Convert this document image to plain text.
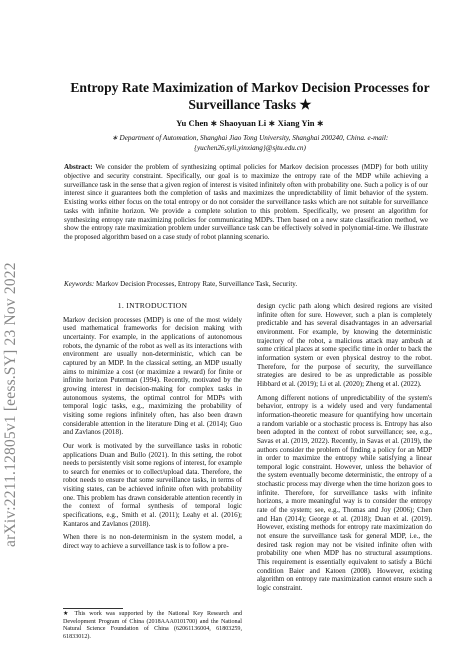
arXiv:2211.12805v1 [eess.SY] 23 Nov 2022
Entropy Rate Maximization of Markov Decision Processes for Surveillance Tasks ★
Yu Chen ∗ Shaoyuan Li ∗ Xiang Yin ∗
∗ Department of Automation, Shanghai Jiao Tong University, Shanghai 200240, China. e-mail: {yuchen26,syli,yinxiang}@sjtu.edu.cn)
Abstract: We consider the problem of synthesizing optimal policies for Markov decision processes (MDP) for both utility objective and security constraint. Specifically, our goal is to maximize the entropy rate of the MDP while achieving a surveillance task in the sense that a given region of interest is visited infinitely often with probability one. Such a policy is of our interest since it guarantees both the completion of tasks and maximizes the unpredictability of limit behavior of the system. Existing works either focus on the total entropy or do not consider the surveillance tasks which are not suitable for surveillance tasks with infinite horizon. We provide a complete solution to this problem. Specifically, we present an algorithm for synthesizing entropy rate maximizing policies for communicating MDPs. Then based on a new state classification method, we show the entropy rate maximization problem under surveillance task can be effectively solved in polynomial-time. We illustrate the proposed algorithm based on a case study of robot planning scenario.
Keywords: Markov Decision Processes, Entropy Rate, Surveillance Task, Security.
1. INTRODUCTION

Markov decision processes (MDP) is one of the most widely used mathematical frameworks for decision making with uncertainty. For example, in the applications of autonomous robots, the dynamic of the robot as well as its interactions with environment are usually non-deterministic, which can be captured by an MDP. In the classical setting, an MDP usually aims to minimize a cost (or maximize a reward) for finite or infinite horizon Puterman (1994). Recently, motivated by the growing interest in decision-making for complex tasks in autonomous systems, the optimal control for MDPs with temporal logic tasks, e.g., maximizing the probability of visiting some regions infinitely often, has also been drawn considerable attention in the literature Ding et al. (2014); Guo and Zavlanos (2018).

Our work is motivated by the surveillance tasks in robotic applications Duan and Bullo (2021). In this setting, the robot needs to persistently visit some regions of interest, for example to search for enemies or to collect/upload data. Therefore, the robot needs to ensure that some surveillance tasks, in terms of visiting states, can be achieved infinite often with probability one. This problem has drawn considerable attention recently in the context of formal synthesis of temporal logic specifications, e.g., Smith et al. (2011); Leahy et al. (2016); Kantaros and Zavlanos (2018).

When there is no non-determinism in the system model, a direct way to achieve a surveillance task is to follow a pre-

design cyclic path along which desired regions are visited infinite often for sure. However, such a plan is completely predictable and has several disadvantages in an adversarial environment. For example, by knowing the deterministic trajectory of the robot, a malicious attack may ambush at some critical places at some specific time in order to back the information system or even physical destroy to the robot. Therefore, for the purpose of security, the surveillance strategies are desired to be as unpredictable as possible Hibbard et al. (2019); Li et al. (2020); Zheng et al. (2022).

Among different notions of unpredictability of the system's behavior, entropy is a widely used and very fundamental information-theoretic measure for quantifying how uncertain a random variable or a stochastic process is. Entropy has also been adopted in the context of robot surveillance; see, e.g., Savas et al. (2019, 2022). Recently, in Savas et al. (2019), the authors consider the problem of finding a policy for an MDP in order to maximize the entropy while satisfying a linear temporal logic constraint. However, unless the behavior of the system eventually become deterministic, the entropy of a stochastic process may diverge when the time horizon goes to infinite. Therefore, for surveillance tasks with infinite horizons, a more meaningful way is to consider the entropy rate of the system; see, e.g., Thomas and Joy (2006); Chen and Han (2014); George et al. (2018); Duan et al. (2019). However, existing methods for entropy rate maximization do not ensure the surveillance task for general MDP, i.e., the desired task region may not be visited infinite often with probability one when MDP has no structural assumptions. This requirement is essentially equivalent to satisfy a Büchi condition Baier and Katoen (2008). However, existing algorithm on entropy rate maximization cannot ensure such a logic constraint.

★ This work was supported by the National Key Research and Development Program of China (2018AAA0101700) and the National Natural Science Foundation of China (62061136004, 61803259, 61833012).
